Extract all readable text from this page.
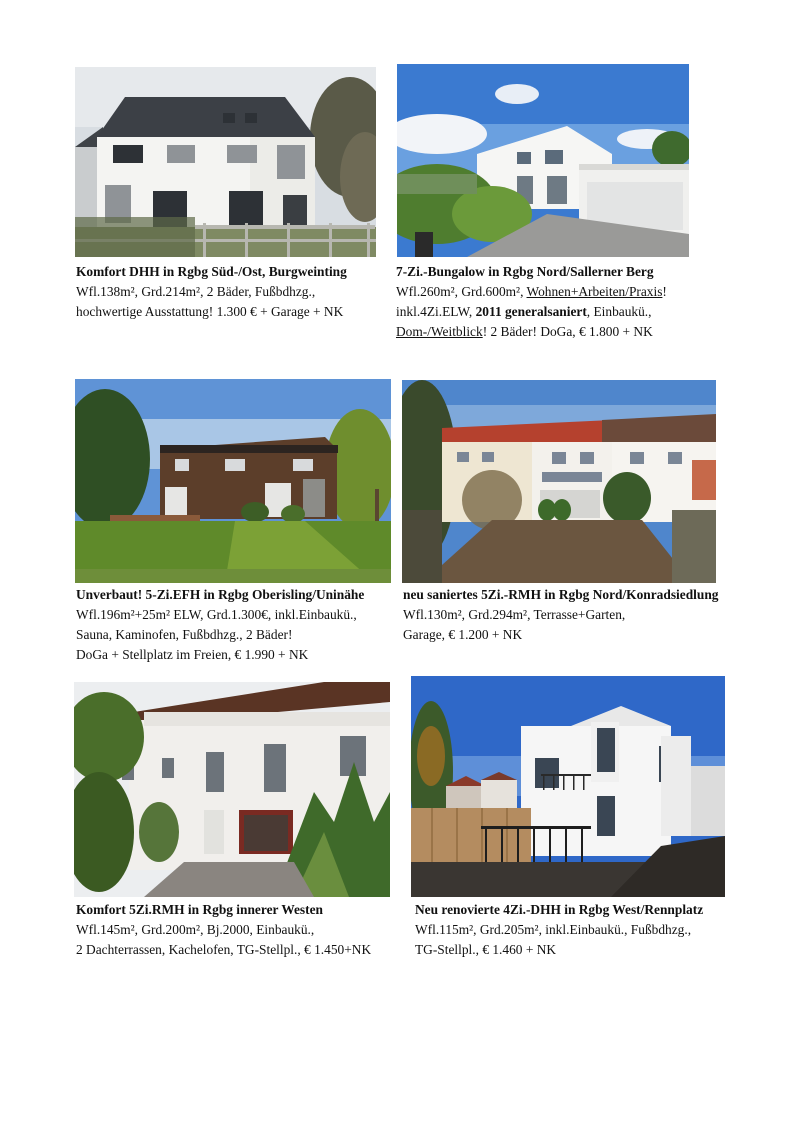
Komfort DHH in Rgbg Süd-/Ost, Burgweinting
Wfl.138m², Grd.214m², 2 Bäder, Fußbdhzg.,
hochwertige Ausstattung! 1.300 € + Garage + NK
7-Zi.-Bungalow in Rgbg Nord/Sallerner Berg
Wfl.260m², Grd.600m², Wohnen+Arbeiten/Praxis!
inkl.4Zi.ELW, 2011 generalsaniert, Einbaukü.,
Dom-/Weitblick! 2 Bäder! DoGa, € 1.800 + NK
Unverbaut! 5-Zi.EFH in Rgbg Oberisling/Uninähe
Wfl.196m²+25m² ELW, Grd.1.300€, inkl.Einbaukü.,
Sauna, Kaminofen, Fußbdhzg., 2 Bäder!
DoGa + Stellplatz im Freien, € 1.990 + NK
neu saniertes 5Zi.-RMH in Rgbg Nord/Konradsiedlung
Wfl.130m², Grd.294m², Terrasse+Garten,
Garage, € 1.200 + NK
Komfort 5Zi.RMH in Rgbg innerer Westen
Wfl.145m², Grd.200m², Bj.2000, Einbaukü.,
2 Dachterrassen, Kachelofen, TG-Stellpl., € 1.450+NK
Neu renovierte 4Zi.-DHH in Rgbg West/Rennplatz
Wfl.115m², Grd.205m², inkl.Einbaukü., Fußbdhzg.,
TG-Stellpl., € 1.460 + NK
